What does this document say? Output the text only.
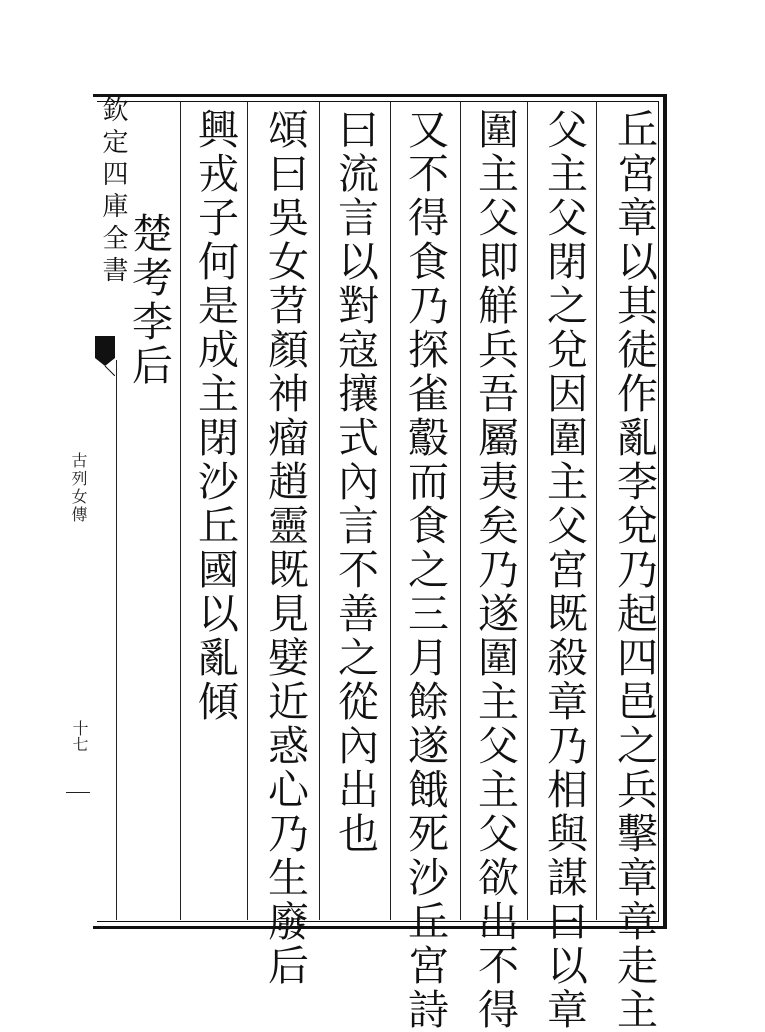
丘宮章以其徒作亂李兌乃起四邑之兵擊章章走主
父主父閉之兌因圍主父宮既殺章乃相與謀曰以章
圍主父即觧兵吾屬夷矣乃遂圍主父主父欲出不得
又不得食乃探雀鷇而食之三月餘遂餓死沙丘宮詩
曰流言以對寇攘式內言不善之從內出也
頌曰吳女苕顏神瘤趙靈既見嬖近惑心乃生廢后
興戎子何是成主閉沙丘國以亂傾
楚考李后
欽定四庫全書
古列女傳
十七
